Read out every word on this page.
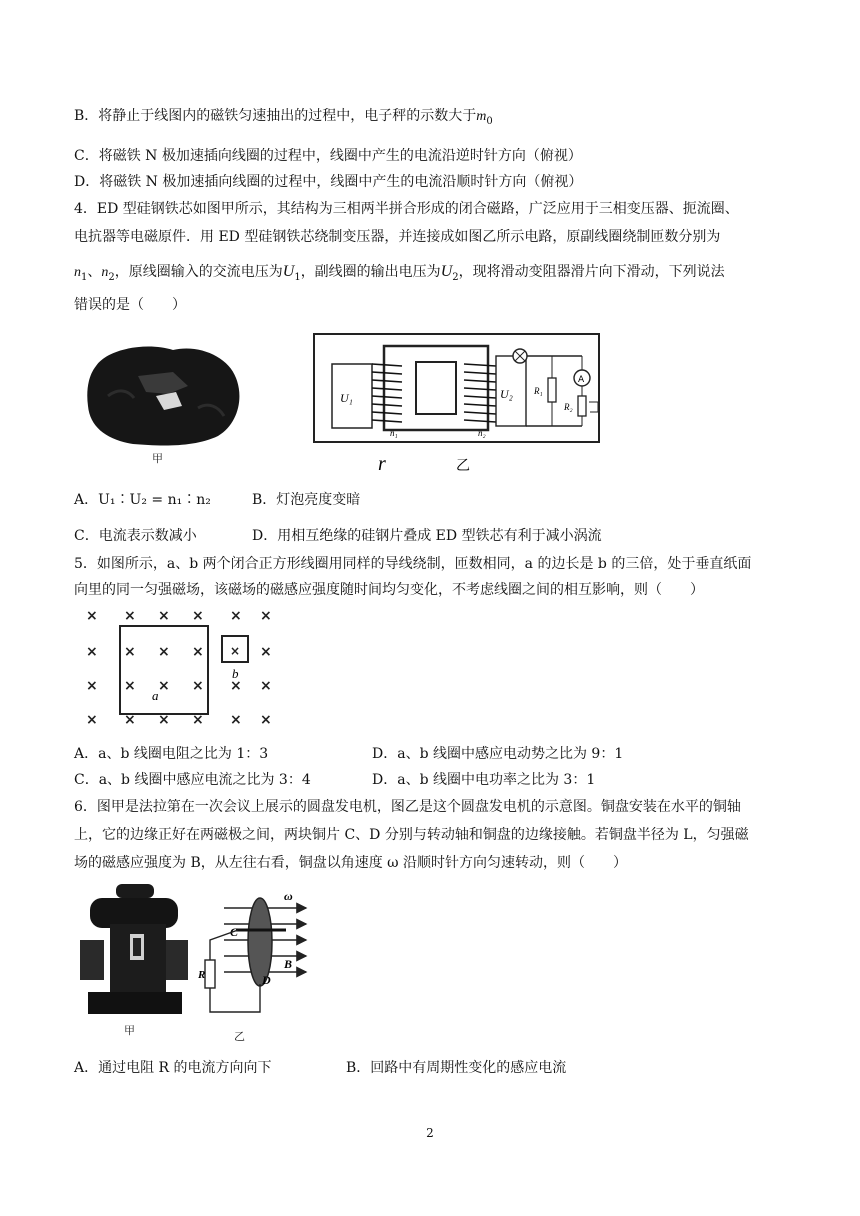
B．将静止于线图内的磁铁匀速抽出的过程中，电子秤的示数大于$m_0$
C．将磁铁 N 极加速插向线圈的过程中，线圈中产生的电流沿逆时针方向（俯视）
D．将磁铁 N 极加速插向线圈的过程中，线圈中产生的电流沿顺时针方向（俯视）
4．ED 型硅钢铁芯如图甲所示，其结构为三相两半拼合形成的闭合磁路，广泛应用于三相变压器、扼流圈、
电抗器等电磁原件．用 ED 型硅钢铁芯绕制变压器，并连接成如图乙所示电路，原副线圈绕制匝数分别为
$n_1$、$n_2$，原线圈输入的交流电压为$U_1$，副线圈的输出电压为$U_2$，现将滑动变阻器滑片向下滑动，下列说法
错误的是（　　）
甲
U₁
n₁	n₂
U₂ R₁
A
R₂
r	乙
A．U₁∶U₂ = n₁∶n₂	B．灯泡亮度变暗
C．电流表示数减小	D．用相互绝缘的硅钢片叠成 ED 型铁芯有利于减小涡流
5．如图所示，a、b 两个闭合正方形线圈用同样的导线绕制，匝数相同，a 的边长是 b 的三倍，处于垂直纸面
向里的同一匀强磁场，该磁场的磁感应强度随时间均匀变化，不考虑线圈之间的相互影响，则（　　）
× × × × × ×
× × × ×	×
× × × × × ×
× × × × × ×
×
a
b
A．a、b 线圈电阻之比为 1：3	D．a、b 线圈中感应电动势之比为 9：1
C．a、b 线圈中感应电流之比为 3：4	D．a、b 线圈中电功率之比为 3：1
6．图甲是法拉第在一次会议上展示的圆盘发电机，图乙是这个圆盘发电机的示意图。铜盘安装在水平的铜轴
上，它的边缘正好在两磁极之间，两块铜片 C、D 分别与转动轴和铜盘的边缘接触。若铜盘半径为 L，匀强磁
场的磁感应强度为 B，从左往右看，铜盘以角速度 ω 沿顺时针方向匀速转动，则（　　）
甲
ω
C
B
D
R
乙
A．通过电阻 R 的电流方向向下	B．回路中有周期性变化的感应电流
2
